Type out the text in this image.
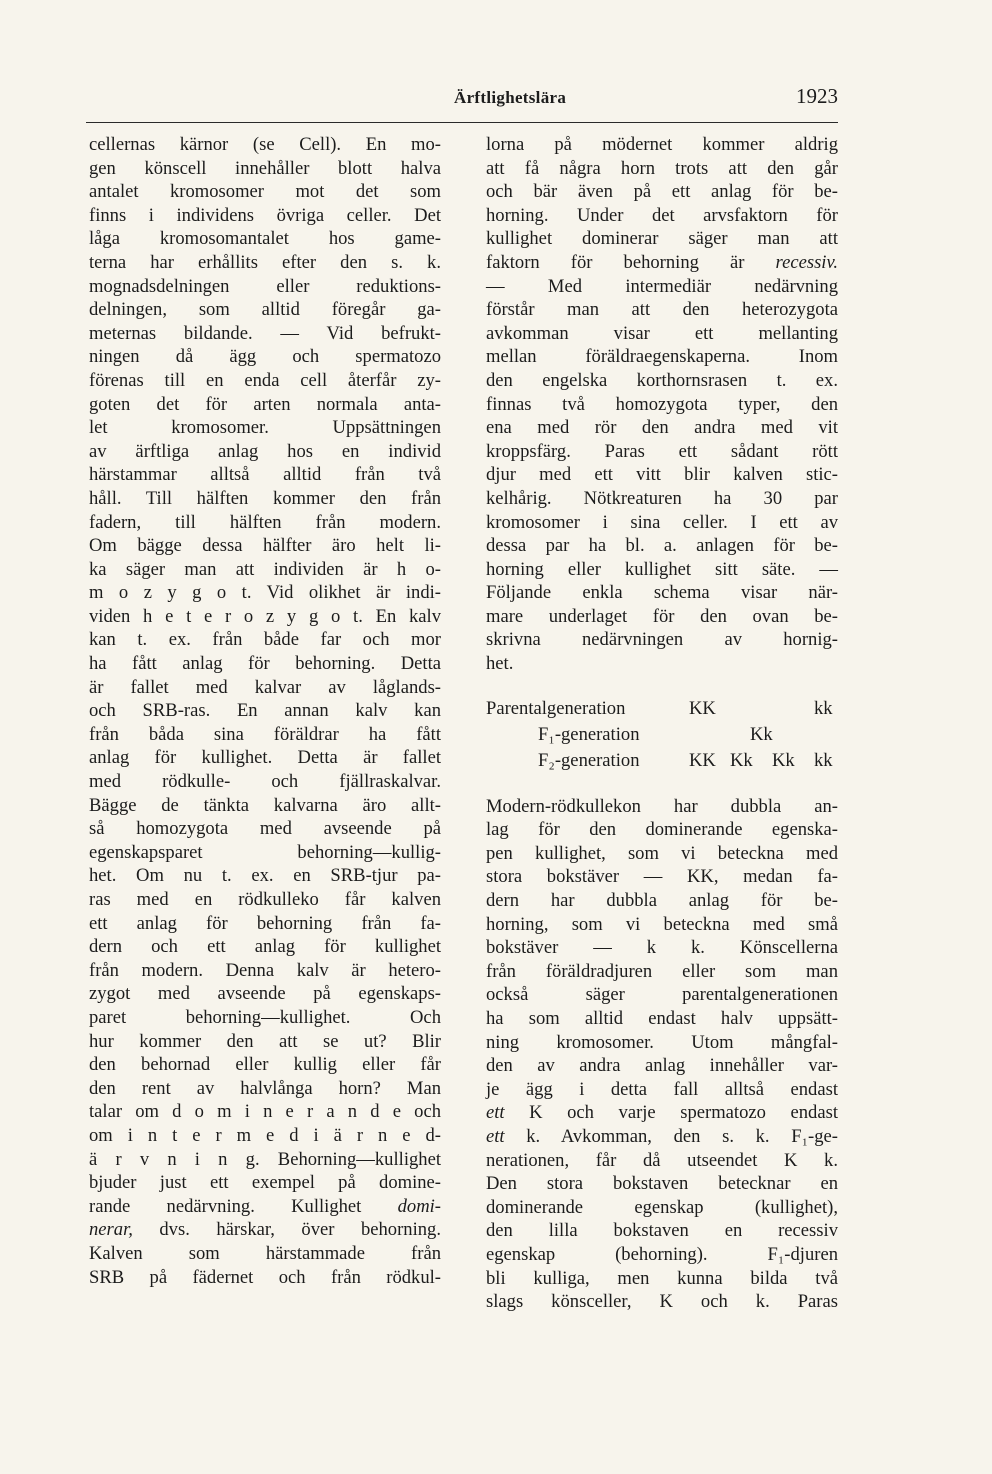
Ärftlighetslära	1923

cellernas kärnor (se Cell). En mo-
gen könscell innehåller blott halva
antalet kromosomer mot det som
finns i individens övriga celler. Det
låga kromosomantalet hos game-
terna har erhållits efter den s. k.
mognadsdelningen eller reduktions-
delningen, som alltid föregår ga-
meternas bildande. — Vid befrukt-
ningen då ägg och spermatozo
förenas till en enda cell återfår zy-
goten det för arten normala anta-
let kromosomer. Uppsättningen
av ärftliga anlag hos en individ
härstammar alltså alltid från två
håll. Till hälften kommer den från
fadern, till hälften från modern.
Om bägge dessa hälfter äro helt li-
ka säger man att individen är h o-
m o z y g o t. Vid olikhet är indi-
viden h e t e r o z y g o t. En kalv
kan t. ex. från både far och mor
ha fått anlag för behorning. Detta
är fallet med kalvar av låglands-
och SRB-ras. En annan kalv kan
från båda sina föräldrar ha fått
anlag för kullighet. Detta är fallet
med rödkulle- och fjällraskalvar.
Bägge de tänkta kalvarna äro allt-
så homozygota med avseende på
egenskapsparet behorning—kullig-
het. Om nu t. ex. en SRB-tjur pa-
ras med en rödkulleko får kalven
ett anlag för behorning från fa-
dern och ett anlag för kullighet
från modern. Denna kalv är hetero-
zygot med avseende på egenskaps-
paret behorning—kullighet. Och
hur kommer den att se ut? Blir
den behornad eller kullig eller får
den rent av halvlånga horn? Man
talar om d o m i n e r a n d e och
om i n t e r m e d i ä r n e d-
ä r v n i n g. Behorning—kullighet
bjuder just ett exempel på domine-
rande nedärvning. Kullighet domi-
nerar, dvs. härskar, över behorning.
Kalven som härstammade från
SRB på fädernet och från rödkul-

lorna på mödernet kommer aldrig
att få några horn trots att den går
och bär även på ett anlag för be-
horning. Under det arvsfaktorn för
kullighet dominerar säger man att
faktorn för behorning är recessiv.
— Med intermediär nedärvning
förstår man att den heterozygota
avkomman visar ett mellanting
mellan föräldraegenskaperna. Inom
den engelska korthornsrasen t. ex.
finnas två homozygota typer, den
ena med rör den andra med vit
kroppsfärg. Paras ett sådant rött
djur med ett vitt blir kalven stic-
kelhårig. Nötkreaturen ha 30 par
kromosomer i sina celler. I ett av
dessa par ha bl. a. anlagen för be-
horning eller kullighet sitt säte. —
Följande enkla schema visar när-
mare underlaget för den ovan be-
skrivna nedärvningen av hornig-
het.

Parentalgeneration	KK	kk
F₁-generation	Kk
F₂-generation	KK Kk Kk kk

Modern-rödkullekon har dubbla an-
lag för den dominerande egenska-
pen kullighet, som vi beteckna med
stora bokstäver — KK, medan fa-
dern har dubbla anlag för be-
horning, som vi beteckna med små
bokstäver — k k. Könscellerna
från föräldradjuren eller som man
också säger parentalgenerationen
ha som alltid endast halv uppsätt-
ning kromosomer. Utom mångfal-
den av andra anlag innehåller var-
je ägg i detta fall alltså endast
ett K och varje spermatozo endast
ett k. Avkomman, den s. k. F₁-ge-
nerationen, får då utseendet K k.
Den stora bokstaven betecknar en
dominerande egenskap (kullighet),
den lilla bokstaven en recessiv
egenskap (behorning). F₁-djuren
bli kulliga, men kunna bilda två
slags könsceller, K och k. Paras
